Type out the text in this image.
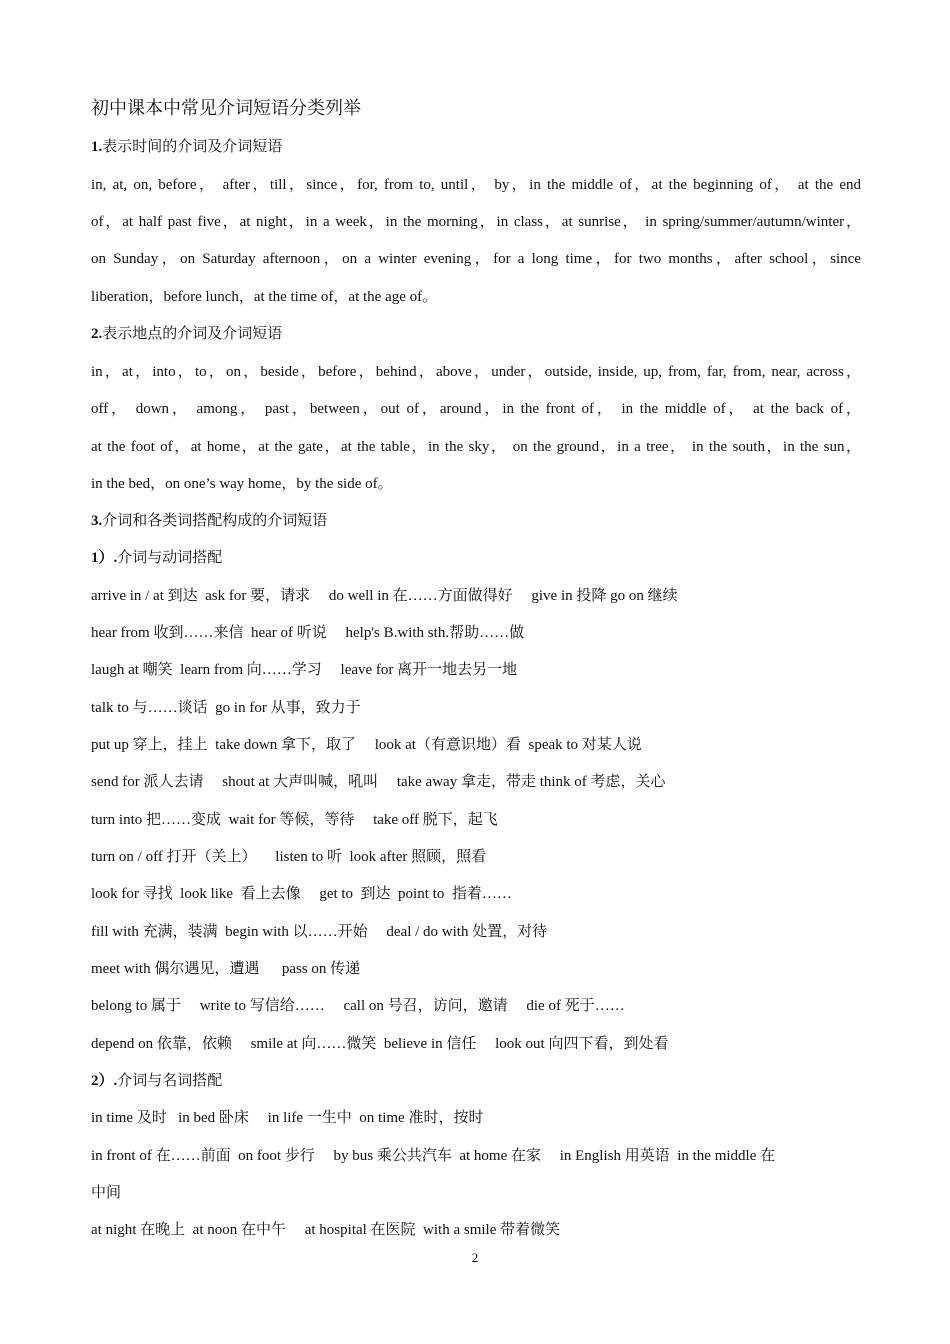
初中课本中常见介词短语分类列举
1.表示时间的介词及介词短语
in, at, on, before， after，till，since，for, from to, until， by，in the middle of，at the beginning of， at the end
of，at half past five，at night，in a week，in the morning，in class，at sunrise， in spring/summer/autumn/winter，
on Sunday，on Saturday afternoon，on a winter evening，for a long time，for two months，after school，since
liberation，before lunch，at the time of，at the age of。
2.表示地点的介词及介词短语
in，at，into，to，on，beside，before，behind，above，under，outside, inside, up, from, far, from, near, across，
off， down， among， past，between，out of，around，in the front of， in the middle of， at the back of，
at the foot of，at home，at the gate，at the table，in the sky， on the ground，in a tree， in the south，in the sun，
in the bed，on one’s way home，by the side of。
3.介词和各类词搭配构成的介词短语
1）.介词与动词搭配
arrive in / at 到达  ask for 要，请求     do well in 在……方面做得好     give in 投降 go on 继续
hear from 收到……来信  hear of 听说     help's B.with sth.帮助……做
laugh at 嘲笑  learn from 向……学习     leave for 离开一地去另一地
talk to 与……谈话  go in for 从事，致力于
put up 穿上，挂上  take down 拿下，取了     look at（有意识地）看  speak to 对某人说
send for 派人去请     shout at 大声叫喊，吼叫     take away 拿走，带走 think of 考虑，关心
turn into 把……变成  wait for 等候，等待     take off 脱下，起飞
turn on / off 打开（关上）     listen to 听  look after 照顾，照看
look for 寻找  look like  看上去像     get to  到达  point to  指着……
fill with 充满，装满  begin with 以……开始     deal / do with 处置，对待
meet with 偶尔遇见，遭遇      pass on 传递
belong to 属于     write to 写信给……     call on 号召，访问，邀请     die of 死于……
depend on 依靠，依赖     smile at 向……微笑  believe in 信任     look out 向四下看，到处看
2）.介词与名词搭配
in time 及时   in bed 卧床     in life 一生中  on time 准时，按时
in front of 在……前面  on foot 步行     by bus 乘公共汽车  at home 在家     in English 用英语  in the middle 在
中间
at night 在晚上  at noon 在中午     at hospital 在医院  with a smile 带着微笑
2
